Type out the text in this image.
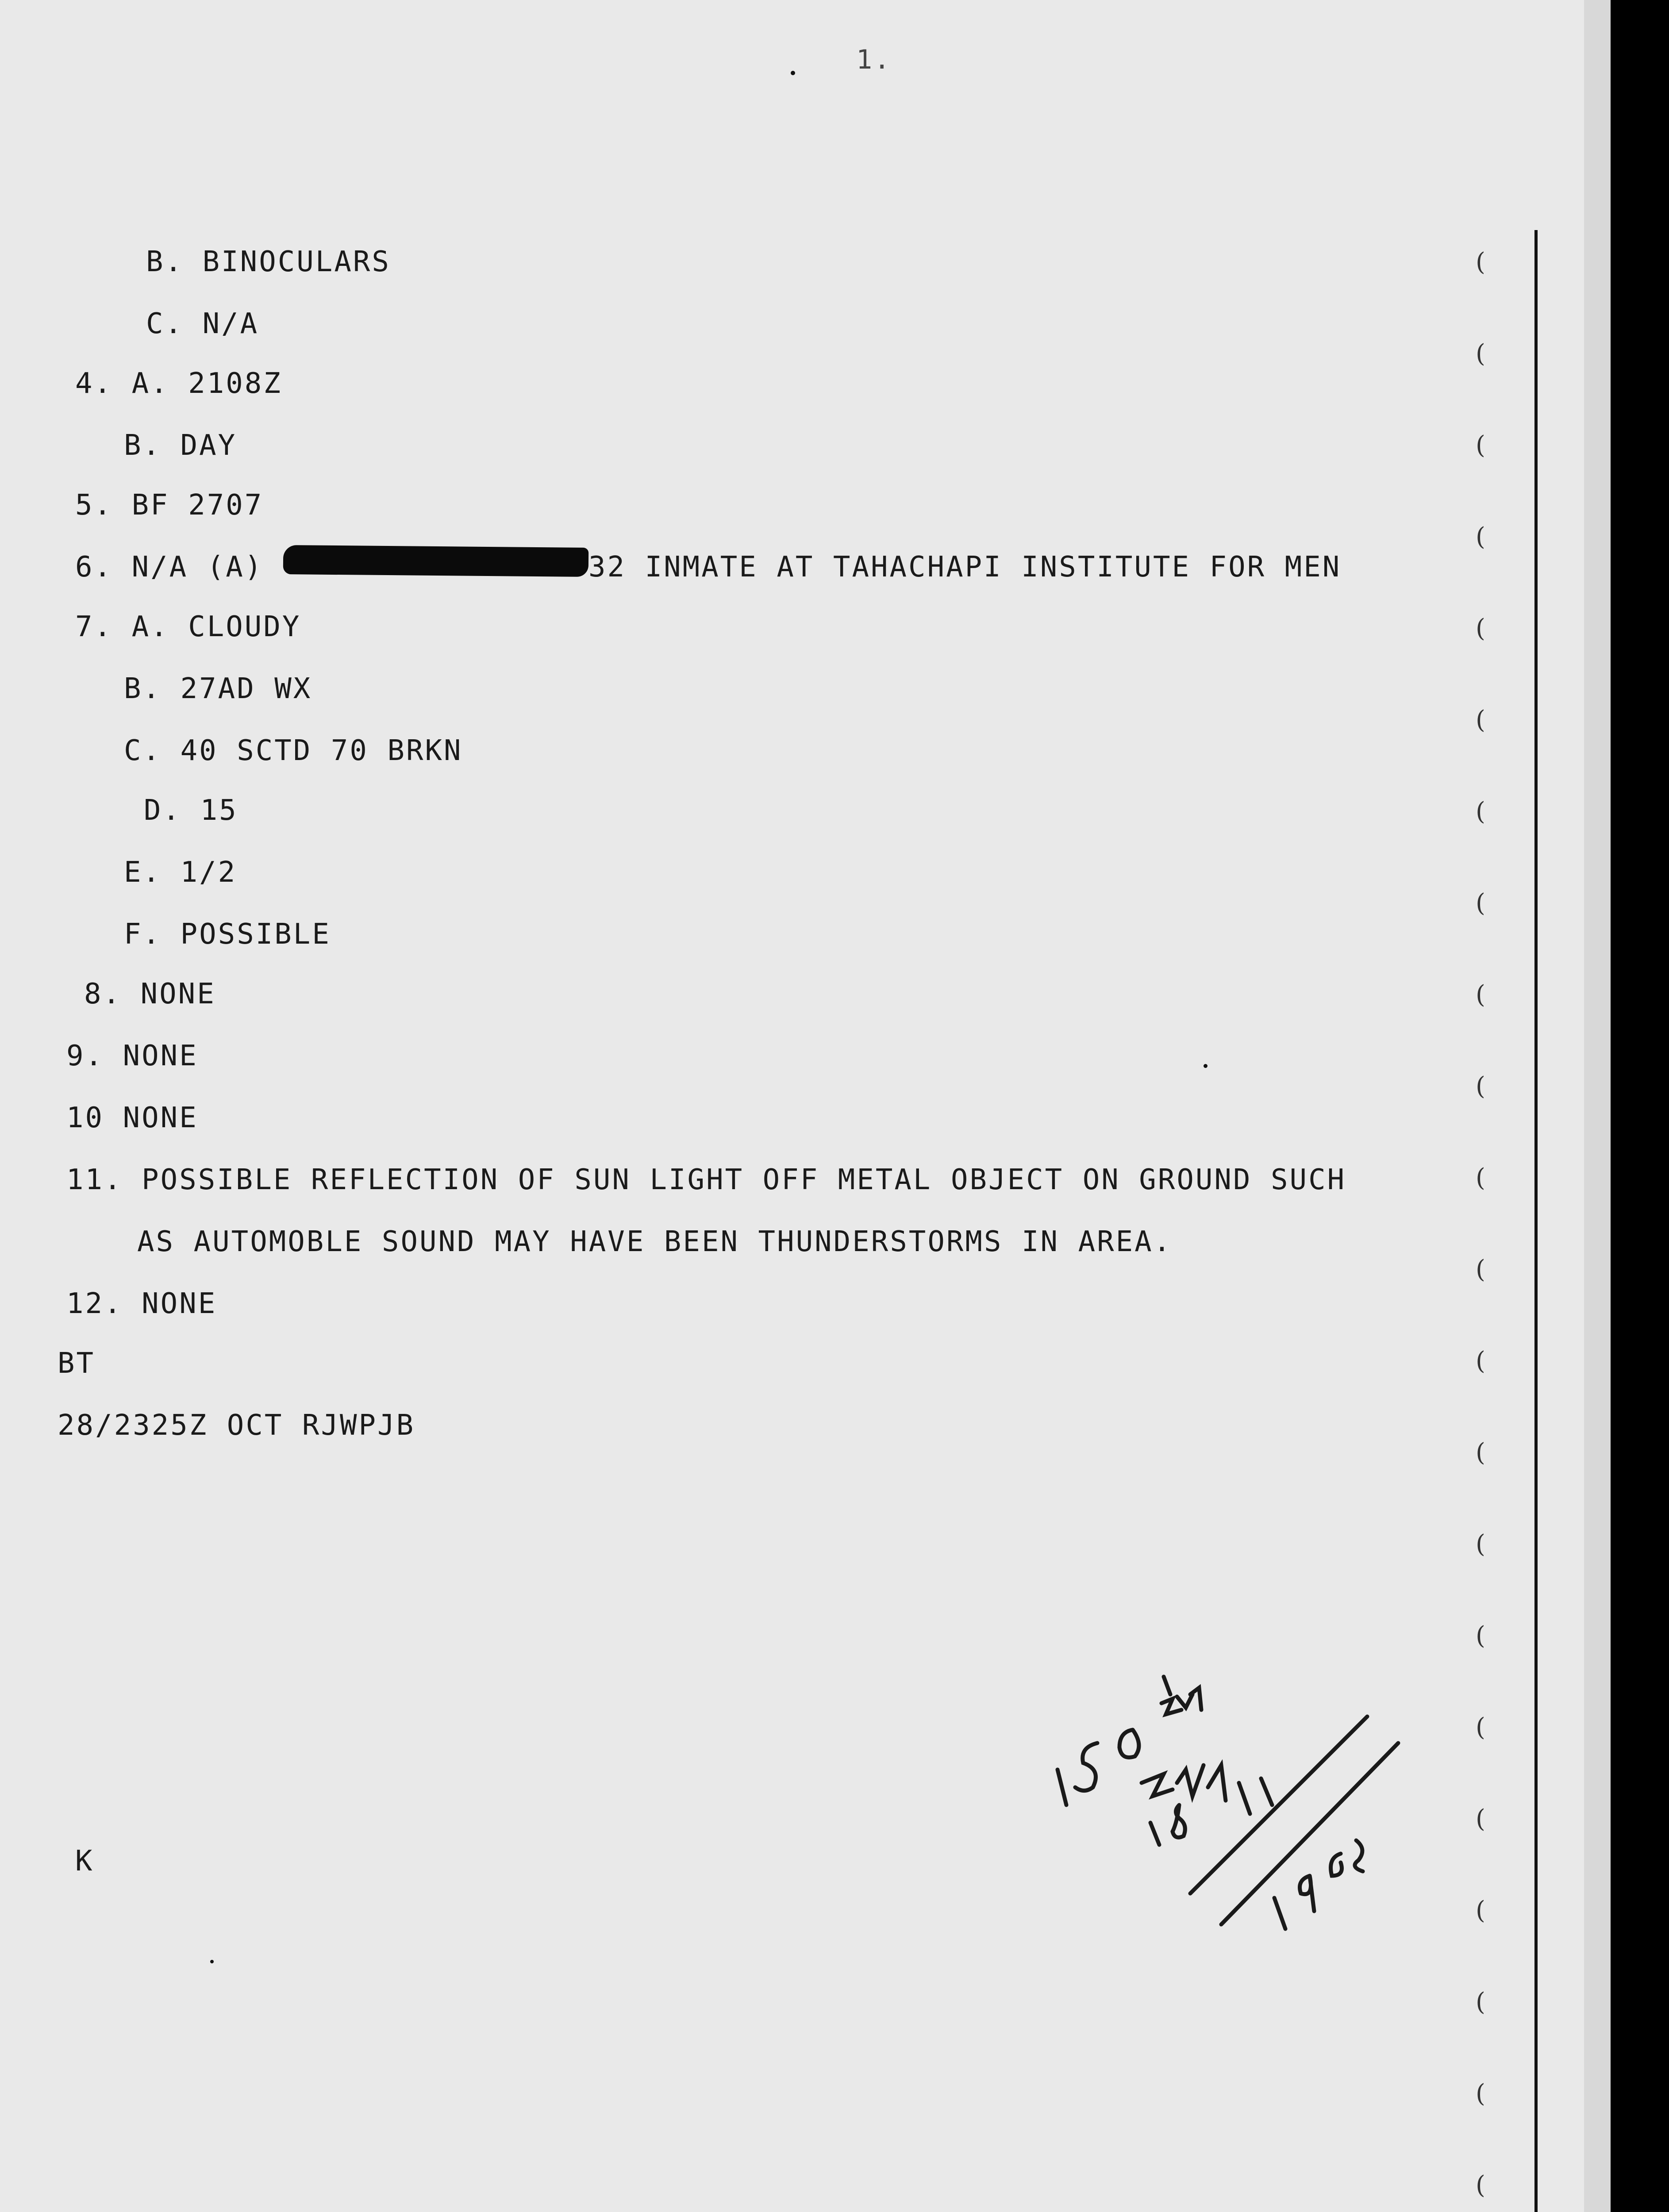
1.
B. BINOCULARS
C. N/A
4. A. 2108Z
B. DAY
5. BF 2707
6. N/A (A)	32 INMATE AT TAHACHAPI INSTITUTE FOR MEN
7. A. CLOUDY
B. 27AD WX
C. 40 SCTD 70 BRKN
D. 15
E. 1/2
F. POSSIBLE
8. NONE
9. NONE
10 NONE
11. POSSIBLE REFLECTION OF SUN LIGHT OFF METAL OBJECT ON GROUND SUCH
AS AUTOMOBLE SOUND MAY HAVE BEEN THUNDERSTORMS IN AREA.
12. NONE
BT
28/2325Z OCT RJWPJB
K
(
(
(
(
(
(
(
(
(
(
(
(
(
(
(
(
(
(
(
(
(
(
